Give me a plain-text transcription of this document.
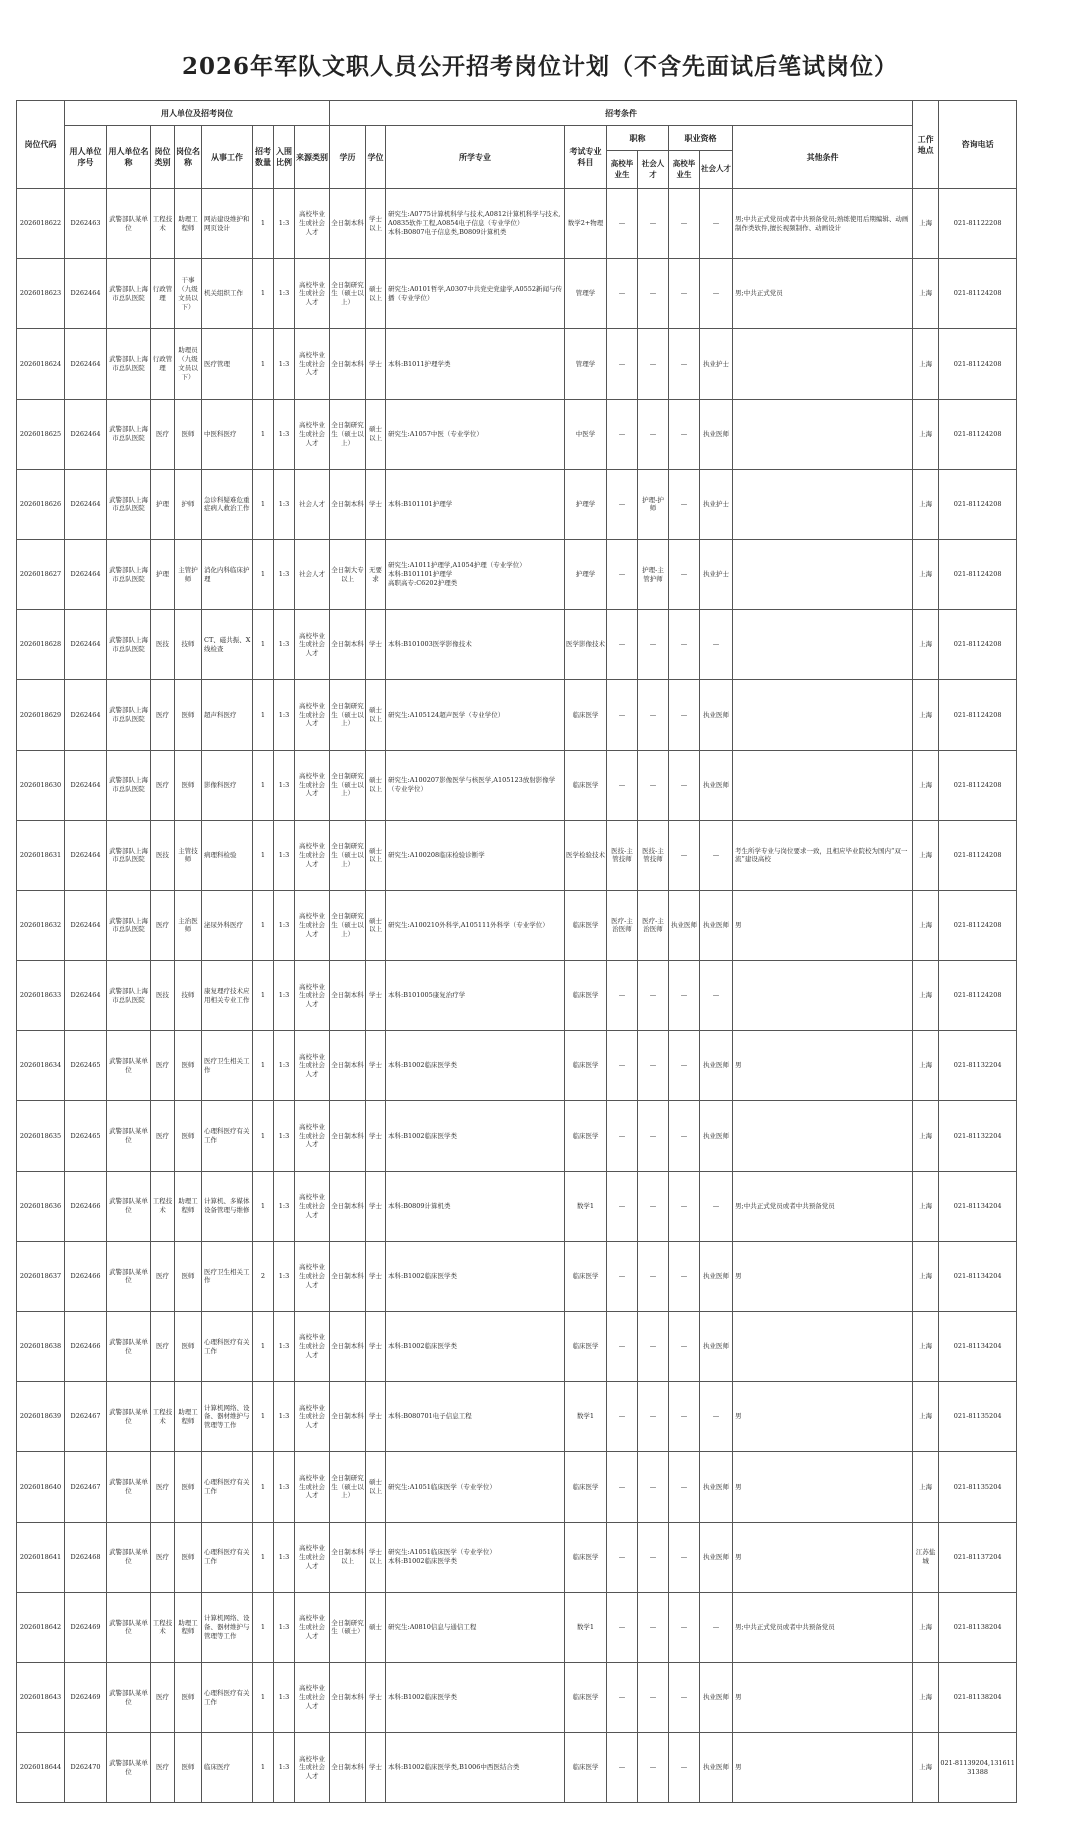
2026年军队文职人员公开招考岗位计划（不含先面试后笔试岗位）
岗位代码	用人单位及招考岗位								招考条件									工作地点	咨询电话
	用人单位序号	用人单位名称	岗位类别	岗位名称	从事工作	招考数量	入围比例	来源类别	学历	学位	所学专业	考试专业科目	职称		职业资格		其他条件		
													高校毕业生	社会人才	高校毕业生	社会人才			
2026018622	D262463	武警部队某单位	工程技术	助理工程师	网站建设维护和网页设计	1	1:3	高校毕业生或社会人才	全日制本科	学士以上	研究生:A0775计算机科学与技术,A0812计算机科学与技术,A0835软件工程,A0854电子信息（专业学位）
本科:B0807电子信息类,B0809计算机类	数学2+物理	—	—	—	—	男;中共正式党员或者中共预备党员;熟练使用后期编辑、动画制作类软件,擅长视频制作、动画设计	上海	021-81122208
2026018623	D262464	武警部队上海市总队医院	行政管理	干事（九级文员以下）	机关组织工作	1	1:3	高校毕业生或社会人才	全日制研究生（硕士以上）	硕士以上	研究生:A0101哲学,A0307中共党史党建学,A0552新闻与传播（专业学位）	管理学	—	—	—	—	男;中共正式党员	上海	021-81124208
2026018624	D262464	武警部队上海市总队医院	行政管理	助理员（九级文员以下）	医疗管理	1	1:3	高校毕业生或社会人才	全日制本科	学士	本科:B1011护理学类	管理学	—	—	—	执业护士		上海	021-81124208
2026018625	D262464	武警部队上海市总队医院	医疗	医师	中医科医疗	1	1:3	高校毕业生或社会人才	全日制研究生（硕士以上）	硕士以上	研究生:A1057中医（专业学位）	中医学	—	—	—	执业医师		上海	021-81124208
2026018626	D262464	武警部队上海市总队医院	护理	护师	急诊科疑难危重症病人救治工作	1	1:3	社会人才	全日制本科	学士	本科:B101101护理学	护理学	—	护理-护师	—	执业护士		上海	021-81124208
2026018627	D262464	武警部队上海市总队医院	护理	主管护师	消化内科临床护理	1	1:3	社会人才	全日制大专以上	无要求	研究生:A1011护理学,A1054护理（专业学位）
本科:B101101护理学
高职高专:C6202护理类	护理学	—	护理-主管护师	—	执业护士		上海	021-81124208
2026018628	D262464	武警部队上海市总队医院	医技	技师	CT、磁共振、X线检查	1	1:3	高校毕业生或社会人才	全日制本科	学士	本科:B101003医学影像技术	医学影像技术	—	—	—	—		上海	021-81124208
2026018629	D262464	武警部队上海市总队医院	医疗	医师	超声科医疗	1	1:3	高校毕业生或社会人才	全日制研究生（硕士以上）	硕士以上	研究生:A105124超声医学（专业学位）	临床医学	—	—	—	执业医师		上海	021-81124208
2026018630	D262464	武警部队上海市总队医院	医疗	医师	影像科医疗	1	1:3	高校毕业生或社会人才	全日制研究生（硕士以上）	硕士以上	研究生:A100207影像医学与核医学,A105123放射影像学（专业学位）	临床医学	—	—	—	执业医师		上海	021-81124208
2026018631	D262464	武警部队上海市总队医院	医技	主管技师	病理科检验	1	1:3	高校毕业生或社会人才	全日制研究生（硕士以上）	硕士以上	研究生:A100208临床检验诊断学	医学检验技术	医技-主管技师	医技-主管技师	—	—	考生所学专业与岗位要求一致，且相应毕业院校为国内“双一流”建设高校	上海	021-81124208
2026018632	D262464	武警部队上海市总队医院	医疗	主治医师	泌尿外科医疗	1	1:3	高校毕业生或社会人才	全日制研究生（硕士以上）	硕士以上	研究生:A100210外科学,A105111外科学（专业学位）	临床医学	医疗-主治医师	医疗-主治医师	执业医师	执业医师	男	上海	021-81124208
2026018633	D262464	武警部队上海市总队医院	医技	技师	康复理疗技术应用相关专业工作	1	1:3	高校毕业生或社会人才	全日制本科	学士	本科:B101005康复治疗学	临床医学	—	—	—	—		上海	021-81124208
2026018634	D262465	武警部队某单位	医疗	医师	医疗卫生相关工作	1	1:3	高校毕业生或社会人才	全日制本科	学士	本科:B1002临床医学类	临床医学	—	—	—	执业医师	男	上海	021-81132204
2026018635	D262465	武警部队某单位	医疗	医师	心理科医疗有关工作	1	1:3	高校毕业生或社会人才	全日制本科	学士	本科:B1002临床医学类	临床医学	—	—	—	执业医师		上海	021-81132204
2026018636	D262466	武警部队某单位	工程技术	助理工程师	计算机、多媒体设备管理与维修	1	1:3	高校毕业生或社会人才	全日制本科	学士	本科:B0809计算机类	数学1	—	—	—	—	男;中共正式党员或者中共预备党员	上海	021-81134204
2026018637	D262466	武警部队某单位	医疗	医师	医疗卫生相关工作	2	1:3	高校毕业生或社会人才	全日制本科	学士	本科:B1002临床医学类	临床医学	—	—	—	执业医师	男	上海	021-81134204
2026018638	D262466	武警部队某单位	医疗	医师	心理科医疗有关工作	1	1:3	高校毕业生或社会人才	全日制本科	学士	本科:B1002临床医学类	临床医学	—	—	—	执业医师		上海	021-81134204
2026018639	D262467	武警部队某单位	工程技术	助理工程师	计算机网络、设备、器材维护与管理等工作	1	1:3	高校毕业生或社会人才	全日制本科	学士	本科:B080701电子信息工程	数学1	—	—	—	—	男	上海	021-81135204
2026018640	D262467	武警部队某单位	医疗	医师	心理科医疗有关工作	1	1:3	高校毕业生或社会人才	全日制研究生（硕士以上）	硕士以上	研究生:A1051临床医学（专业学位）	临床医学	—	—	—	执业医师	男	上海	021-81135204
2026018641	D262468	武警部队某单位	医疗	医师	心理科医疗有关工作	1	1:3	高校毕业生或社会人才	全日制本科以上	学士以上	研究生:A1051临床医学（专业学位）
本科:B1002临床医学类	临床医学	—	—	—	执业医师	男	江苏盐城	021-81137204
2026018642	D262469	武警部队某单位	工程技术	助理工程师	计算机网络、设备、器材维护与管理等工作	1	1:3	高校毕业生或社会人才	全日制研究生（硕士）	硕士	研究生:A0810信息与通信工程	数学1	—	—	—	—	男;中共正式党员或者中共预备党员	上海	021-81138204
2026018643	D262469	武警部队某单位	医疗	医师	心理科医疗有关工作	1	1:3	高校毕业生或社会人才	全日制本科	学士	本科:B1002临床医学类	临床医学	—	—	—	执业医师	男	上海	021-81138204
2026018644	D262470	武警部队某单位	医疗	医师	临床医疗	1	1:3	高校毕业生或社会人才	全日制本科	学士	本科:B1002临床医学类,B1006中西医结合类	临床医学	—	—	—	执业医师	男	上海	021-81139204,13161131388
